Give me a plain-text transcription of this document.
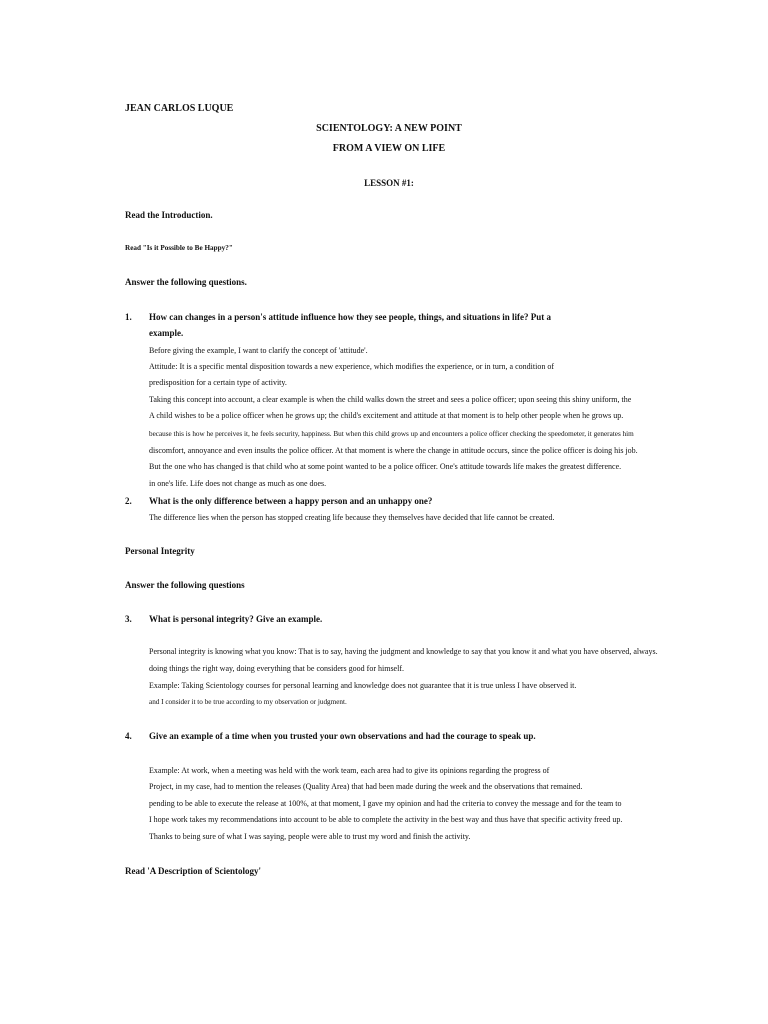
JEAN CARLOS LUQUE
SCIENTOLOGY: A NEW POINT
FROM A VIEW ON LIFE
LESSON #1:
Read the Introduction.
Read "Is it Possible to Be Happy?"
Answer the following questions.
1. How can changes in a person's attitude influence how they see people, things, and situations in life? Put a
example.
Before giving the example, I want to clarify the concept of 'attitude'.
Attitude: It is a specific mental disposition towards a new experience, which modifies the experience, or in turn, a condition of
predisposition for a certain type of activity.
Taking this concept into account, a clear example is when the child walks down the street and sees a police officer; upon seeing this shiny uniform, the
A child wishes to be a police officer when he grows up; the child's excitement and attitude at that moment is to help other people when he grows up.
because this is how he perceives it, he feels security, happiness. But when this child grows up and encounters a police officer checking the speedometer, it generates him
discomfort, annoyance and even insults the police officer. At that moment is where the change in attitude occurs, since the police officer is doing his job.
But the one who has changed is that child who at some point wanted to be a police officer. One's attitude towards life makes the greatest difference.
in one's life. Life does not change as much as one does.
2. What is the only difference between a happy person and an unhappy one?
The difference lies when the person has stopped creating life because they themselves have decided that life cannot be created.
Personal Integrity
Answer the following questions
3. What is personal integrity? Give an example.
Personal integrity is knowing what you know: That is to say, having the judgment and knowledge to say that you know it and what you have observed, always.
doing things the right way, doing everything that be considers good for himself.
Example: Taking Scientology courses for personal learning and knowledge does not guarantee that it is true unless I have observed it.
and I consider it to be true according to my observation or judgment.
4. Give an example of a time when you trusted your own observations and had the courage to speak up.
Example: At work, when a meeting was held with the work team, each area had to give its opinions regarding the progress of
Project, in my case, had to mention the releases (Quality Area) that had been made during the week and the observations that remained.
pending to be able to execute the release at 100%, at that moment, I gave my opinion and had the criteria to convey the message and for the team to
I hope work takes my recommendations into account to be able to complete the activity in the best way and thus have that specific activity freed up.
Thanks to being sure of what I was saying, people were able to trust my word and finish the activity.
Read 'A Description of Scientology'
